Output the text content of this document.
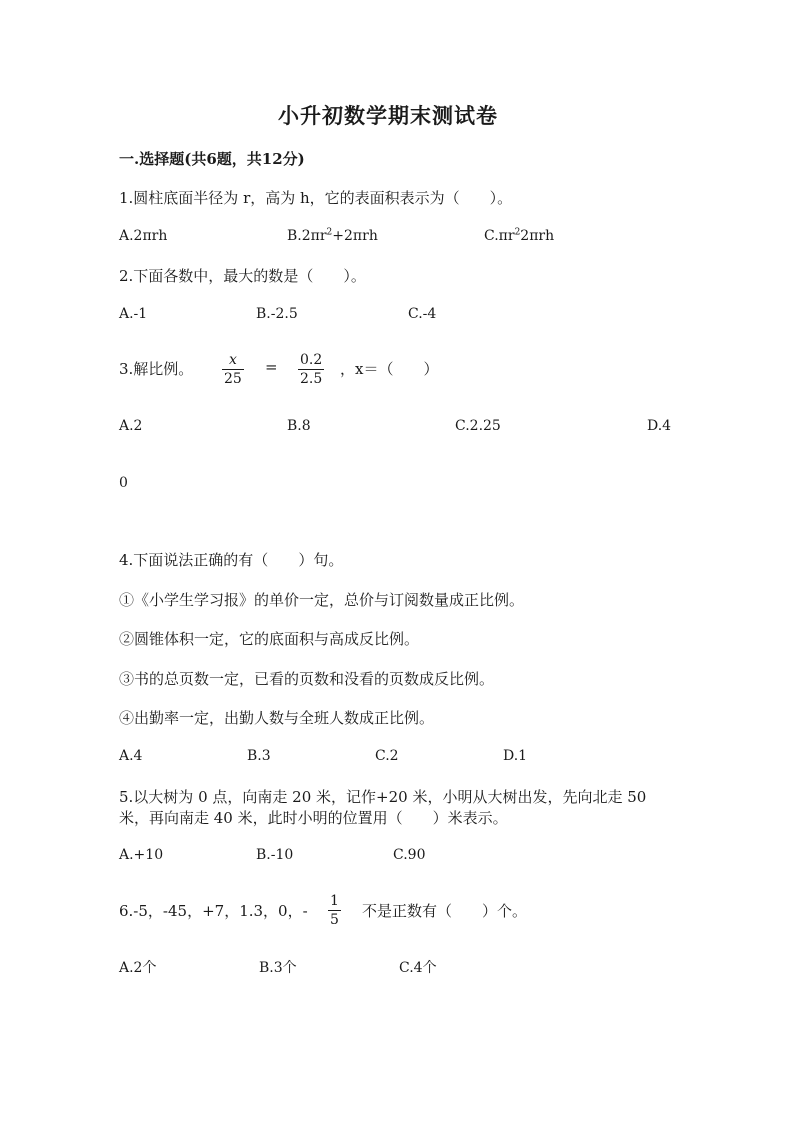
小升初数学期末测试卷
一.选择题(共6题，共12分)
1.圆柱底面半径为 r，高为 h，它的表面积表示为（　　）。
A.2πrh	$B.2\pi r^2+2\pi rh$	$C.\pi r^22\pi rh$
2.下面各数中，最大的数是（　　）。
A.-1	B.-2.5	C.-4
3.解比例。	x
25
= 0.2
2.5
，x＝（　　）
A.2	B.8	C.2.25	D.4
0
4.下面说法正确的有（　　）句。
①《小学生学习报》的单价一定，总价与订阅数量成正比例。
②圆锥体积一定，它的底面积与高成反比例。
③书的总页数一定，已看的页数和没看的页数成反比例。
④出勤率一定，出勤人数与全班人数成正比例。
A.4	B.3	C.2	D.1
5.以大树为 0 点，向南走 20 米，记作+20 米，小明从大树出发，先向北走 50
米，再向南走 40 米，此时小明的位置用（　　）米表示。
A.+10	B.-10	C.90
6.-5，-45，+7，1.3，0，-
1
5 不是正数有（　　）个。
A.2个	B.3个	C.4个
